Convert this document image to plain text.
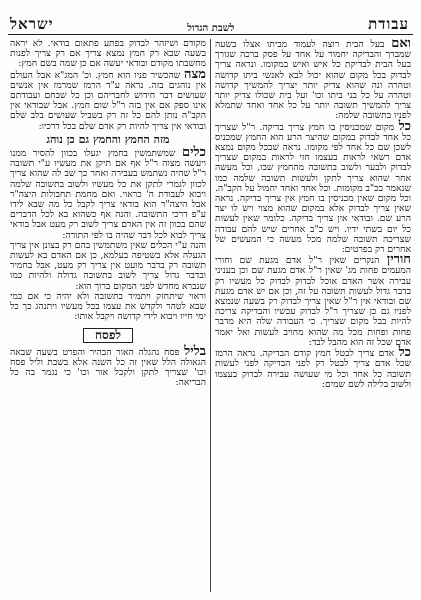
עבודת
לשבת הגדול
ישראל

ואם בעל הבית רוצה לעמוד מביתו אצלו בשעה שמברך והבדיקה יחמור על אחד על פסק ברכה שגורך בעל הבית לבדיקת כל איש ואיש במקומו. ונראה צריך לבדוק בכל מקום שהוא יכול לבא לאנשי ביתו קדושה וטהרה ונה שהוא צדיק יותר יצריך להמשיך קדושה וטהרה על כל בני ביתו וכו' ועל בית שכולו צדיק יותר צריך להמשיך תשובה יותר על כל אחד ואחד שתמלא לפניו בתשובה שלמה:

כל מקום שמכניסין בו חמץ צריך בדיקה. ר"ל שצריך כל אחד לבדוק במקום שהיצר הרע הוא החמץ שמכניס לשכן שם כל אחד לפי מקומו. נראה שבכל מקום נמצא אדם רשאי לראות בעצמו חזי לראות במקום שצריך לבדוק ולבער ולשוב בתשובה מהחמץ שבו, וכל מעשה אחר שהוא צריך לתקן ולעשות תשובה שלמה כמו שנאמר בכ"ב מקומות. וכל אחד ואחד יחמול על הקב"ה. וכל מקום שאין מכניסין בו חמץ אין צריך בדיקה. נראה שאין צריך לבדוק אלא במקום שהוא מצוי ויש לו יצר הרע שם. ובודאי אין צריך בדיקה. כלומר שאין לעשות כל יום בשתי ידיו. ויש כ"ב אחרים שיש להם עבודה שצריכה תשובה שלמה מכל מעשה כי המעשים של אחרים רק בפרטים:

חורין הנקרים שאין ר"ל אדם מגעת שם וחורי המעמים פחות מג' שאין ר"ל אדם מגעת שם וכן בעניני עבירה אשר האדם אוכל לבדוק לבדוק כל מעשיו רק בדבר גדול לעשות תשובה על זה, וכן אם יש אדם מגעת שם ובודאי אין ר"ל שאין צריך לבדוק רק בשעה שנמצא לפניו גם כן שצריך ר"ל לבדוק עכשיו והבדיקה צריכה להיות בבל מקום שצריך. כי העבודה שלה היא מדבר פחות ופחות מכל מה שהוא מחויב לעשות ואל יאמר אדם שכל זה הוא מהבל לבד:

כל אדם צריך לבטל חמץ קודם הבדיקה. נראה הרמז שכל אדם צריך לבטל רק לפני הבדיקה לפני לעשות תשובה כל אחד וכל מי שעושה עבירה לבדוק בעצמו ולשוב בלילה לשם שמים:

מקודם ושיזהר לבדוק בפתע פתאום בודאי. לא יראה בשעה שבא רק חמץ נמצא צריך אם רק צריך לפנות מחשבתו מקודם ובודאי יעשה אם כן שמה בשם חמץ:

מצה שהכשיר פניו הוא חמץ. וכ' המג"א אבל העולם אין נוהגים בזה. נראה ע"ד הרמז שמרמז אין אנשים שעושים דבר חידוש לחבריהם וכן כל שבחם ועבודתם אינו ספק אם אין בזה ר"ל שום חמץ. אבל שבודאי אין הקב"ה נותן להם כל זה רק בשביל שעושים בלב שלם ובודאי אין צריך להיות רק אדם שלם בכל דרכיו:

מזה החמץ והחמץ גם כן נוהג

כלים שמשתמשין בחמץ יגעלו בכוון להסיר ממנו ויעשה מצוה ר"ל אף אם תיקן את מעשיו ע"י תשובה ר"ל שהיה נשתמש בעבירה ואחר כך שב לה שהוא צריך לכוון לגמרי לתקן את כל מעשיו ולשוב בתשובה שלמה ויבוא לעבודת ה' כראוי. ואם מחמת תחבולות היצה"ר אבל היצה"ר הוא בודאי צריך לקבל כל מה שבא לידו ע"פ דרכי התשובה. והנה אף כשהוא בא לכל הדברים שהם בכוון זה אין האדם צריך לשוב רק מעט אבל בודאי צריך לבוא לכל דבר שהיה בו לפי התורה:

והנה ע"י הכלים שאין משתמשין בהם רק בצונן אין צריך הגעלה אלא בשטיפה בעלמא, כן אם האדם בא לעשות תשובה רק בדבר מועט אין צריך רק מעט, אבל בחמיר ובדבר גדול צריך לשוב בתשובה גדולה ולהיות כמו שנברא מחדש לפני המקום ברוך הוא:

וראוי שיתחזק ויתמיד בתשובה ולא יהיה כי אם כמי שבא לטהר ולקדש את עצמו בכל מעשיו ויתנהג כך כל ימי חייו ויבוא לידי קדושה ויקבל אותו:

לפסח

בליל פסח נהגלה האור הבהיר והפרט בשעה שבאה הגאולה הלל שאין זה כל השנה אלא בשבת וליל פסח וכו' שצריך לתקן ולקבל אור וכו' כי נגמר בה כל הבריאה:
